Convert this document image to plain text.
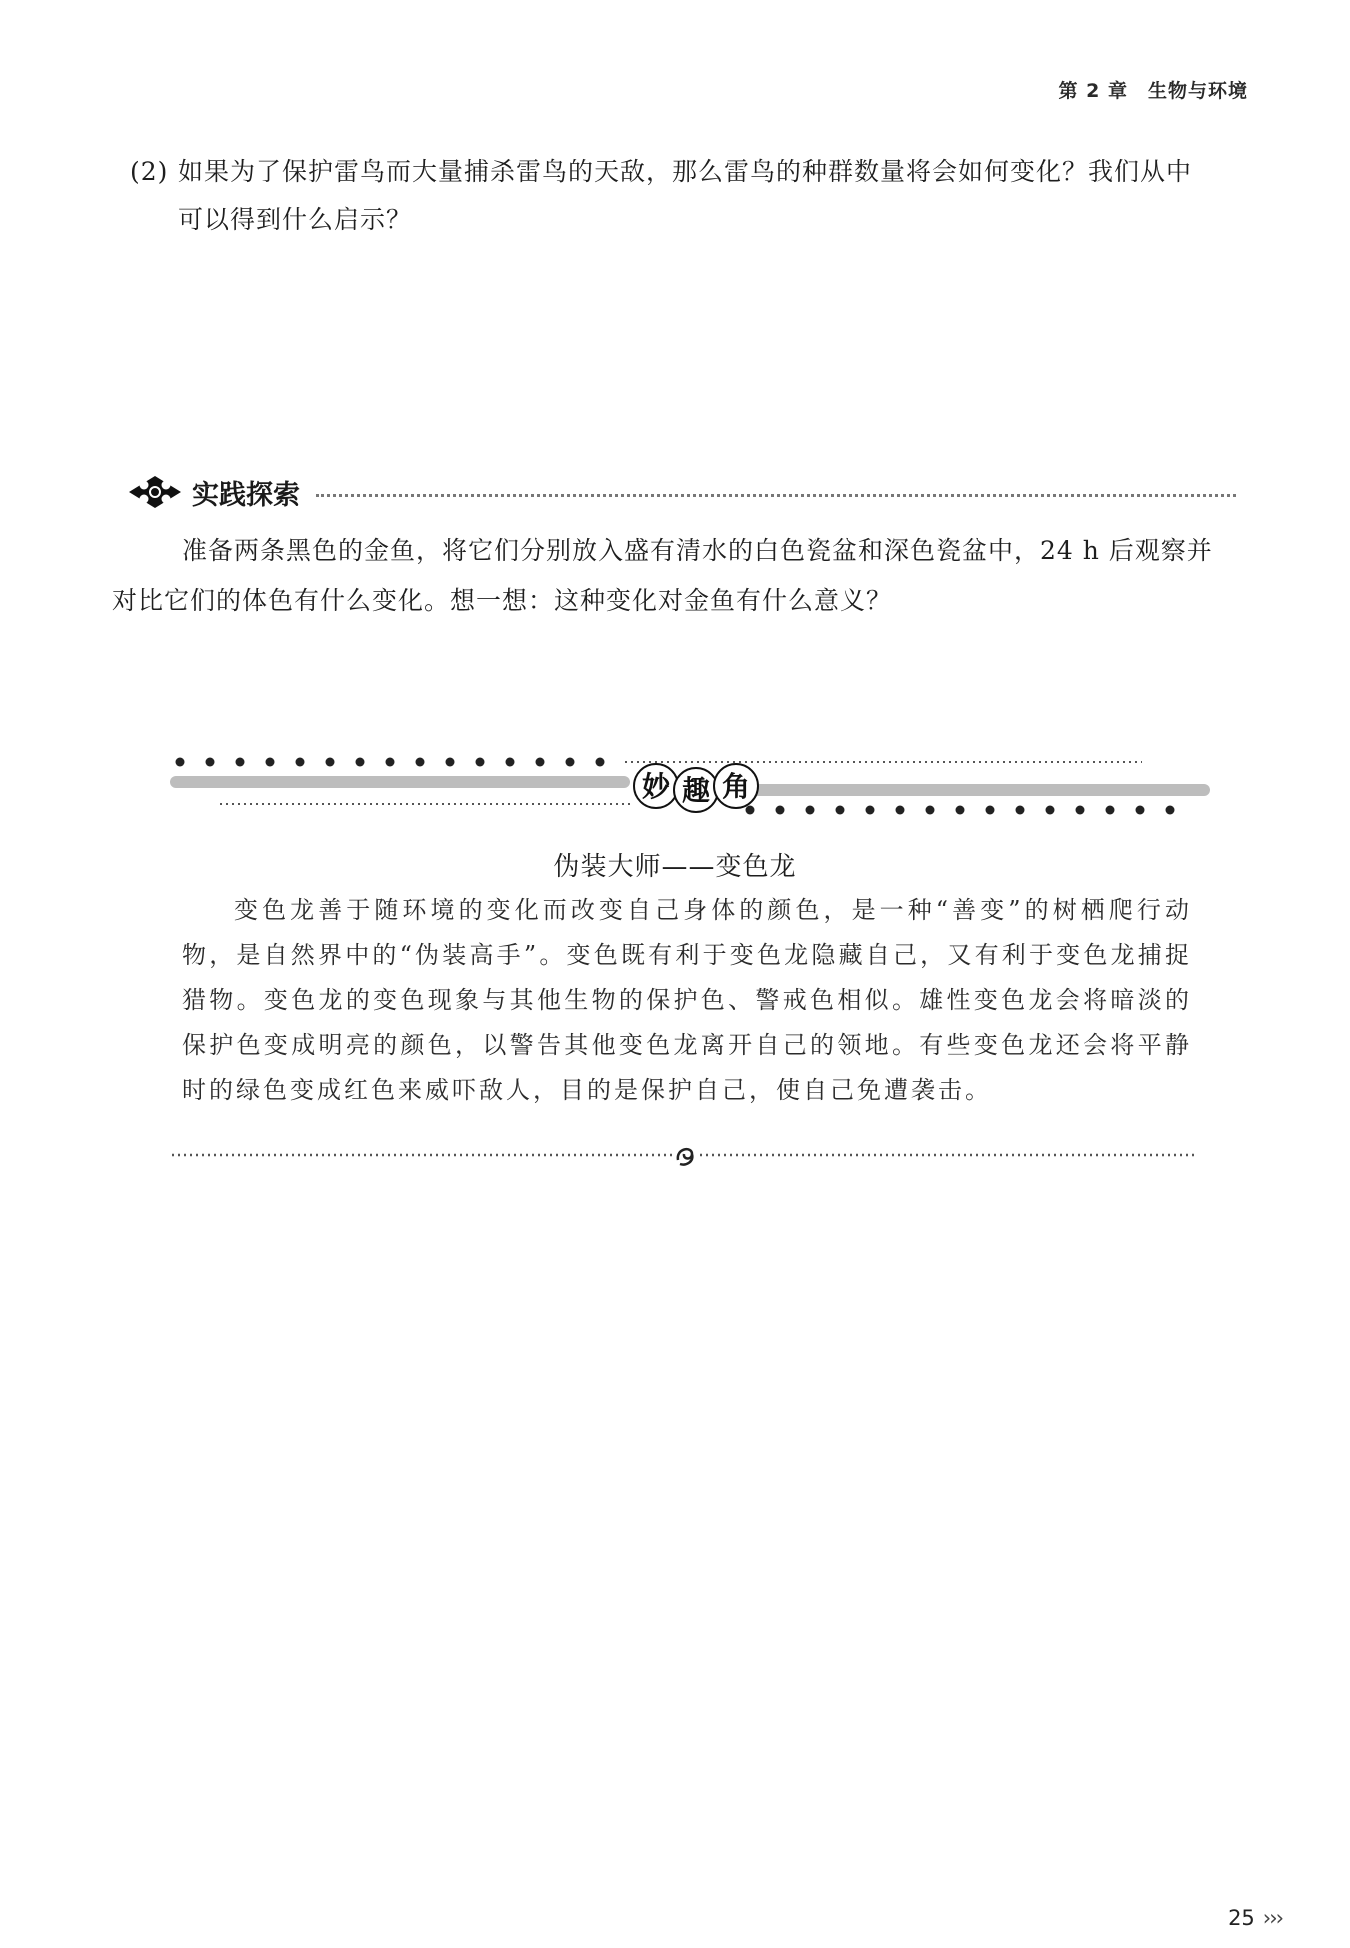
第 2 章　生物与环境
(2) 如果为了保护雷鸟而大量捕杀雷鸟的天敌，那么雷鸟的种群数量将会如何变化？我们从中
可以得到什么启示？
实践探索

准备两条黑色的金鱼，将它们分别放入盛有清水的白色瓷盆和深色瓷盆中，24 h 后观察并

对比它们的体色有什么变化。想一想：这种变化对金鱼有什么意义？

妙 趣 角
伪装大师——变色龙

变色龙善于随环境的变化而改变自己身体的颜色，是一种“善变”的树栖爬行动物，是自然界中的“伪装高手”。变色既有利于变色龙隐藏自己，又有利于变色龙捕捉猎物。变色龙的变色现象与其他生物的保护色、警戒色相似。雄性变色龙会将暗淡的保护色变成明亮的颜色，以警告其他变色龙离开自己的领地。有些变色龙还会将平静时的绿色变成红色来威吓敌人，目的是保护自己，使自己免遭袭击。

25 ›››
